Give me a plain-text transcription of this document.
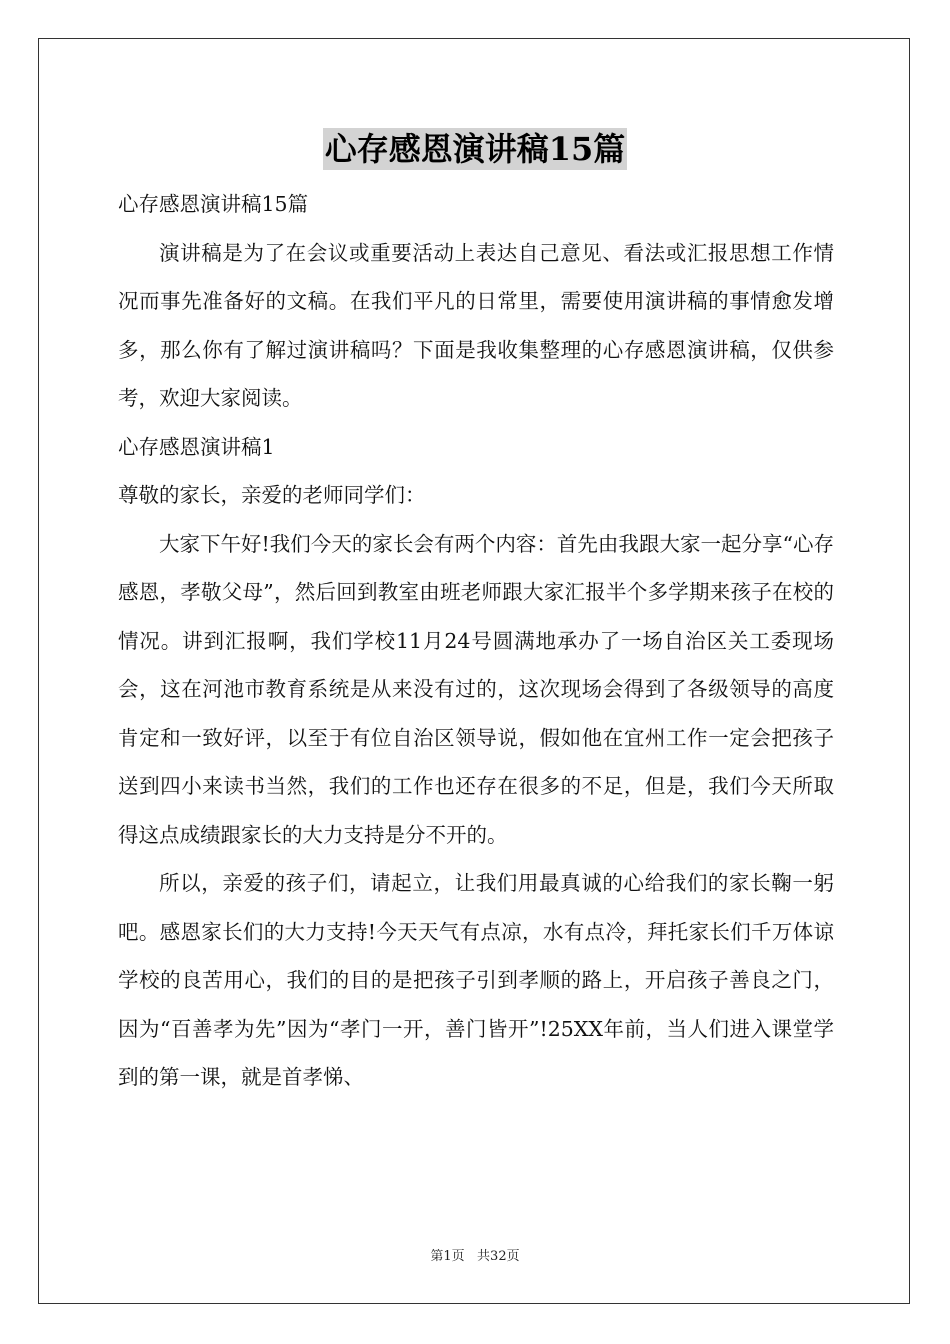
心存感恩演讲稿15篇

心存感恩演讲稿15篇

演讲稿是为了在会议或重要活动上表达自己意见、看法或汇报思想工作情况而事先准备好的文稿。在我们平凡的日常里，需要使用演讲稿的事情愈发增多，那么你有了解过演讲稿吗？下面是我收集整理的心存感恩演讲稿，仅供参考，欢迎大家阅读。

心存感恩演讲稿1

尊敬的家长，亲爱的老师同学们：

大家下午好!我们今天的家长会有两个内容：首先由我跟大家一起分享“心存感恩，孝敬父母”，然后回到教室由班老师跟大家汇报半个多学期来孩子在校的情况。讲到汇报啊，我们学校11月24号圆满地承办了一场自治区关工委现场会，这在河池市教育系统是从来没有过的，这次现场会得到了各级领导的高度肯定和一致好评，以至于有位自治区领导说，假如他在宜州工作一定会把孩子送到四小来读书当然，我们的工作也还存在很多的不足，但是，我们今天所取得这点成绩跟家长的大力支持是分不开的。

所以，亲爱的孩子们，请起立，让我们用最真诚的心给我们的家长鞠一躬吧。感恩家长们的大力支持!今天天气有点凉，水有点冷，拜托家长们千万体谅学校的良苦用心，我们的目的是把孩子引到孝顺的路上，开启孩子善良之门，因为“百善孝为先”因为“孝门一开，善门皆开”!25XX年前，当人们进入课堂学到的第一课，就是首孝悌、

第1页   共32页
